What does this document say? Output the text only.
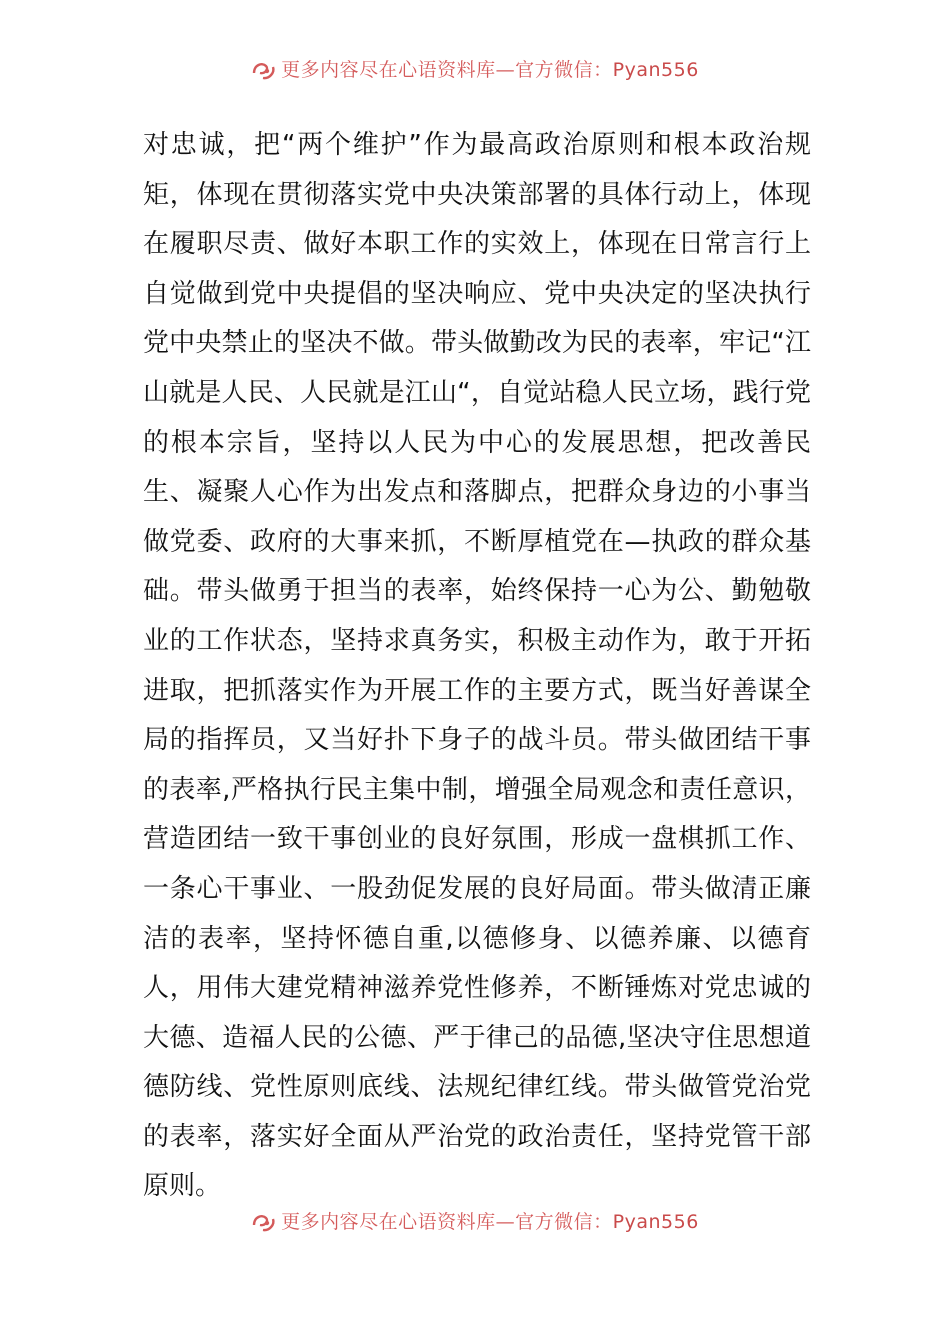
更多内容尽在心语资料库—官方微信：Pyan556

对忠诚，把“两个维护”作为最高政治原则和根本政治规矩，体现在贯彻落实党中央决策部署的具体行动上，体现在履职尽责、做好本职工作的实效上，体现在日常言行上自觉做到党中央提倡的坚决响应、党中央决定的坚决执行党中央禁止的坚决不做。带头做勤改为民的表率，牢记“江山就是人民、人民就是江山“，自觉站稳人民立场，践行党的根本宗旨，坚持以人民为中心的发展思想，把改善民生、凝聚人心作为出发点和落脚点，把群众身边的小事当做党委、政府的大事来抓，不断厚植党在—执政的群众基础。带头做勇于担当的表率，始终保持一心为公、勤勉敬业的工作状态，坚持求真务实，积极主动作为，敢于开拓进取，把抓落实作为开展工作的主要方式，既当好善谋全局的指挥员，又当好扑下身子的战斗员。带头做团结干事的表率,严格执行民主集中制，增强全局观念和责任意识，营造团结一致干事创业的良好氛围，形成一盘棋抓工作、一条心干事业、一股劲促发展的良好局面。带头做清正廉洁的表率，坚持怀德自重,以德修身、以德养廉、以德育人，用伟大建党精神滋养党性修养，不断锤炼对党忠诚的大德、造福人民的公德、严于律己的品德,坚决守住思想道德防线、党性原则底线、法规纪律红线。带头做管党治党的表率，落实好全面从严治党的政治责任，坚持党管干部原则。

更多内容尽在心语资料库—官方微信：Pyan556
